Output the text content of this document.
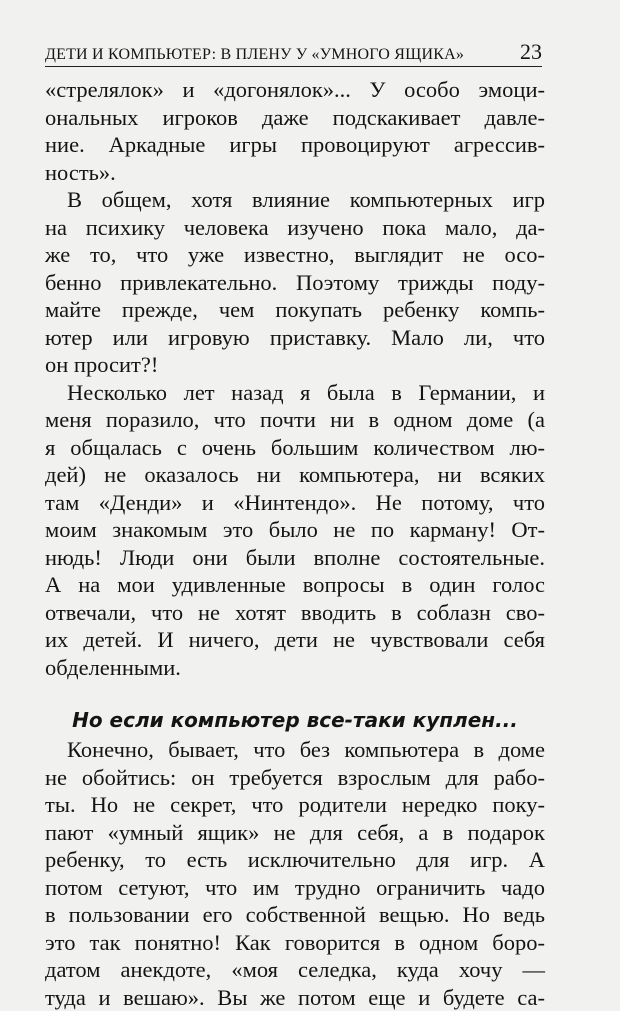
ДЕТИ И КОМПЬЮТЕР: В ПЛЕНУ У «УМНОГО ЯЩИКА»	23
«стрелялок» и «догонялок»... У особо эмоци-
ональных игроков даже подскакивает давле-
ние. Аркадные игры провоцируют агрессив-
ность».
В общем, хотя влияние компьютерных игр
на психику человека изучено пока мало, да-
же то, что уже известно, выглядит не осо-
бенно привлекательно. Поэтому трижды поду-
майте прежде, чем покупать ребенку компь-
ютер или игровую приставку. Мало ли, что
он просит?!
Несколько лет назад я была в Германии, и
меня поразило, что почти ни в одном доме (а
я общалась с очень большим количеством лю-
дей) не оказалось ни компьютера, ни всяких
там «Денди» и «Нинтендо». Не потому, что
моим знакомым это было не по карману! От-
нюдь! Люди они были вполне состоятельные.
А на мои удивленные вопросы в один голос
отвечали, что не хотят вводить в соблазн сво-
их детей. И ничего, дети не чувствовали себя
обделенными.
Но если компьютер все-таки куплен...
Конечно, бывает, что без компьютера в доме
не обойтись: он требуется взрослым для рабо-
ты. Но не секрет, что родители нередко поку-
пают «умный ящик» не для себя, а в подарок
ребенку, то есть исключительно для игр. А
потом сетуют, что им трудно ограничить чадо
в пользовании его собственной вещью. Но ведь
это так понятно! Как говорится в одном боро-
датом анекдоте, «моя селедка, куда хочу —
туда и вешаю». Вы же потом еще и будете са-
